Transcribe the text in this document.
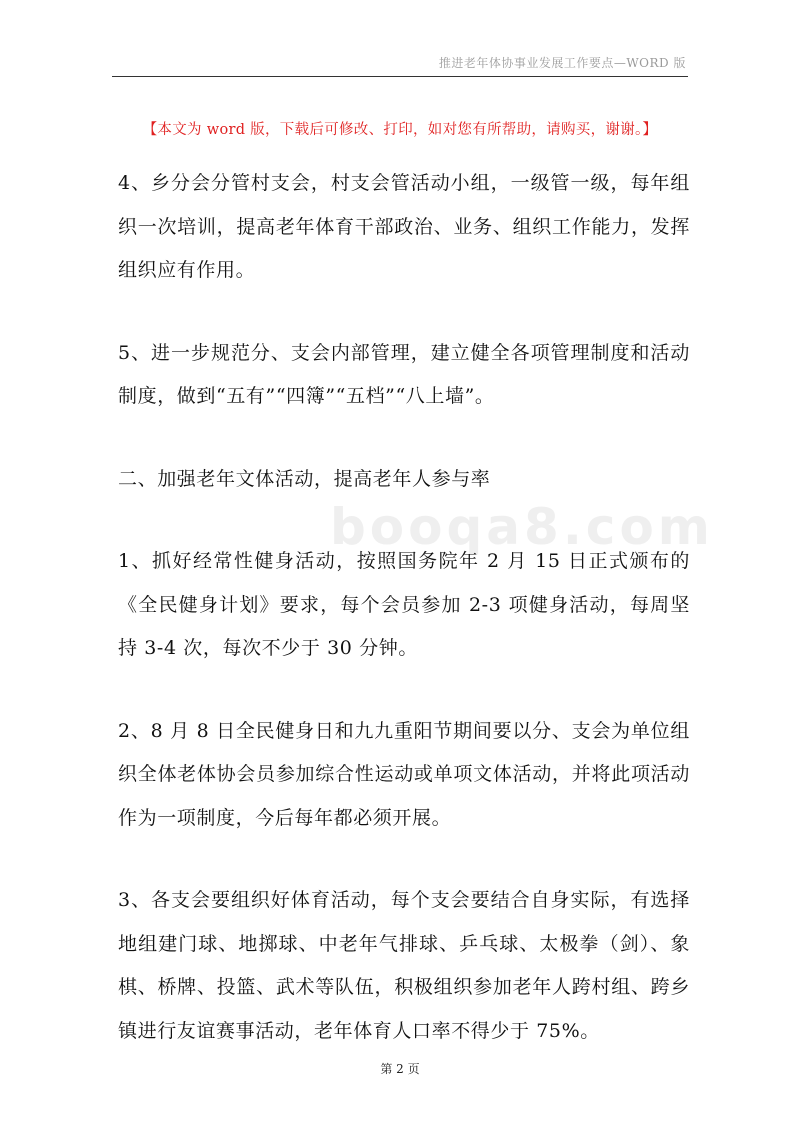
推进老年体协事业发展工作要点—WORD 版
【本文为 word 版，下载后可修改、打印，如对您有所帮助，请购买，谢谢。】
booqa8.com

4、乡分会分管村支会，村支会管活动小组，一级管一级，每年组织一次培训，提高老年体育干部政治、业务、组织工作能力，发挥组织应有作用。

5、进一步规范分、支会内部管理，建立健全各项管理制度和活动制度，做到“五有”“四簿”“五档”“八上墙”。

二、加强老年文体活动，提高老年人参与率

1、抓好经常性健身活动，按照国务院年 2 月 15 日正式颁布的《全民健身计划》要求，每个会员参加 2-3 项健身活动，每周坚持 3-4 次，每次不少于 30 分钟。

2、8 月 8 日全民健身日和九九重阳节期间要以分、支会为单位组织全体老体协会员参加综合性运动或单项文体活动，并将此项活动作为一项制度，今后每年都必须开展。

3、各支会要组织好体育活动，每个支会要结合自身实际，有选择地组建门球、地掷球、中老年气排球、乒乓球、太极拳（剑）、象棋、桥牌、投篮、武术等队伍，积极组织参加老年人跨村组、跨乡镇进行友谊赛事活动，老年体育人口率不得少于 75%。

第 2 页
